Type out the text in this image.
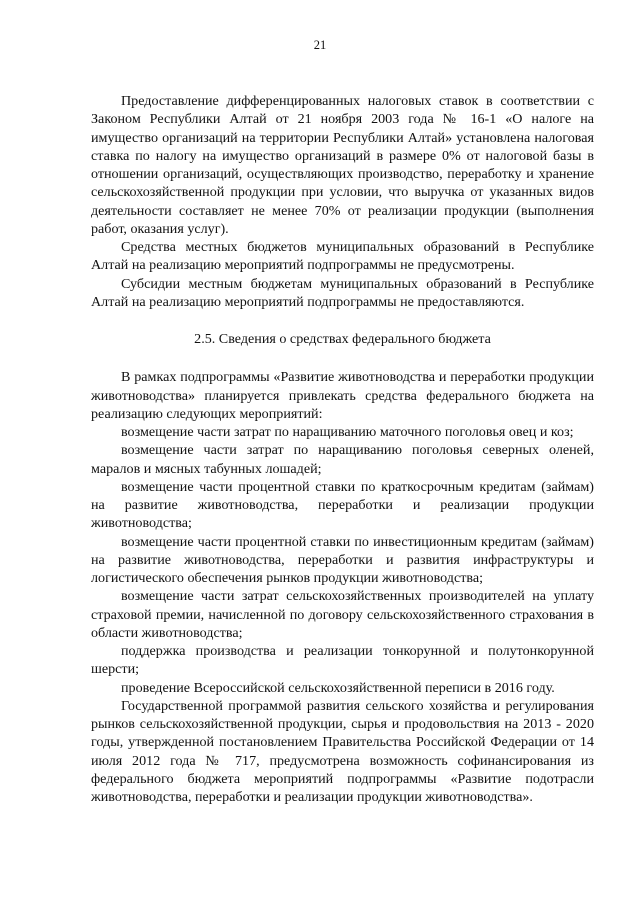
21

Предоставление дифференцированных налоговых ставок в соответствии с Законом Республики Алтай от 21 ноября 2003 года № 16-1 «О налоге на имущество организаций на территории Республики Алтай» установлена налоговая ставка по налогу на имущество организаций в размере 0% от налоговой базы в отношении организаций, осуществляющих производство, переработку и хранение сельскохозяйственной продукции при условии, что выручка от указанных видов деятельности составляет не менее 70% от реализации продукции (выполнения работ, оказания услуг).

Средства местных бюджетов муниципальных образований в Республике Алтай на реализацию мероприятий подпрограммы не предусмотрены.

Субсидии местным бюджетам муниципальных образований в Республике Алтай на реализацию мероприятий подпрограммы не предоставляются.

2.5. Сведения о средствах федерального бюджета

В рамках подпрограммы «Развитие животноводства и переработки продукции животноводства» планируется привлекать средства федерального бюджета на реализацию следующих мероприятий:

возмещение части затрат по наращиванию маточного поголовья овец и коз;

возмещение части затрат по наращиванию поголовья северных оленей, маралов и мясных табунных лошадей;

возмещение части процентной ставки по краткосрочным кредитам (займам) на развитие животноводства, переработки и реализации продукции животноводства;

возмещение части процентной ставки по инвестиционным кредитам (займам) на развитие животноводства, переработки и развития инфраструктуры и логистического обеспечения рынков продукции животноводства;

возмещение части затрат сельскохозяйственных производителей на уплату страховой премии, начисленной по договору сельскохозяйственного страхования в области животноводства;

поддержка производства и реализации тонкорунной и полутонкорунной шерсти;

проведение Всероссийской сельскохозяйственной переписи в 2016 году.

Государственной программой развития сельского хозяйства и регулирования рынков сельскохозяйственной продукции, сырья и продовольствия на 2013 - 2020 годы, утвержденной постановлением Правительства Российской Федерации от 14 июля 2012 года № 717, предусмотрена возможность софинансирования из федерального бюджета мероприятий подпрограммы «Развитие подотрасли животноводства, переработки и реализации продукции животноводства».
